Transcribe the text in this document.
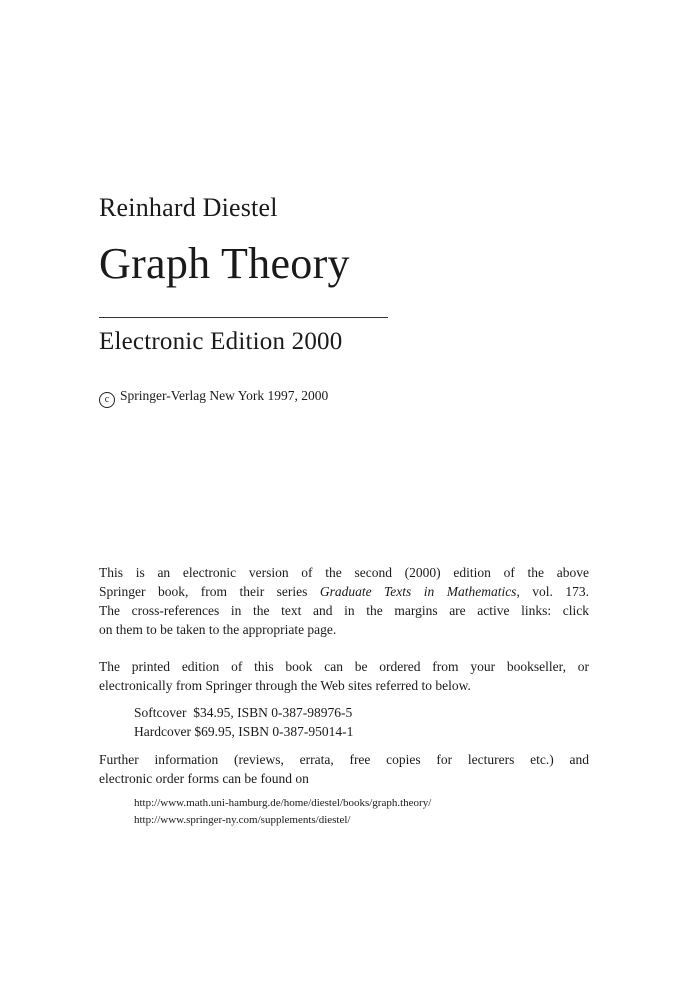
Reinhard Diestel
Graph Theory
Electronic Edition 2000
c Springer-Verlag New York 1997, 2000
This is an electronic version of the second (2000) edition of the above
Springer book, from their series Graduate Texts in Mathematics, vol. 173.
The cross-references in the text and in the margins are active links: click
on them to be taken to the appropriate page.
The printed edition of this book can be ordered from your bookseller, or
electronically from Springer through the Web sites referred to below.
Softcover $34.95, ISBN 0-387-98976-5
Hardcover $69.95, ISBN 0-387-95014-1
Further information (reviews, errata, free copies for lecturers etc.) and
electronic order forms can be found on
http://www.math.uni-hamburg.de/home/diestel/books/graph.theory/
http://www.springer-ny.com/supplements/diestel/
